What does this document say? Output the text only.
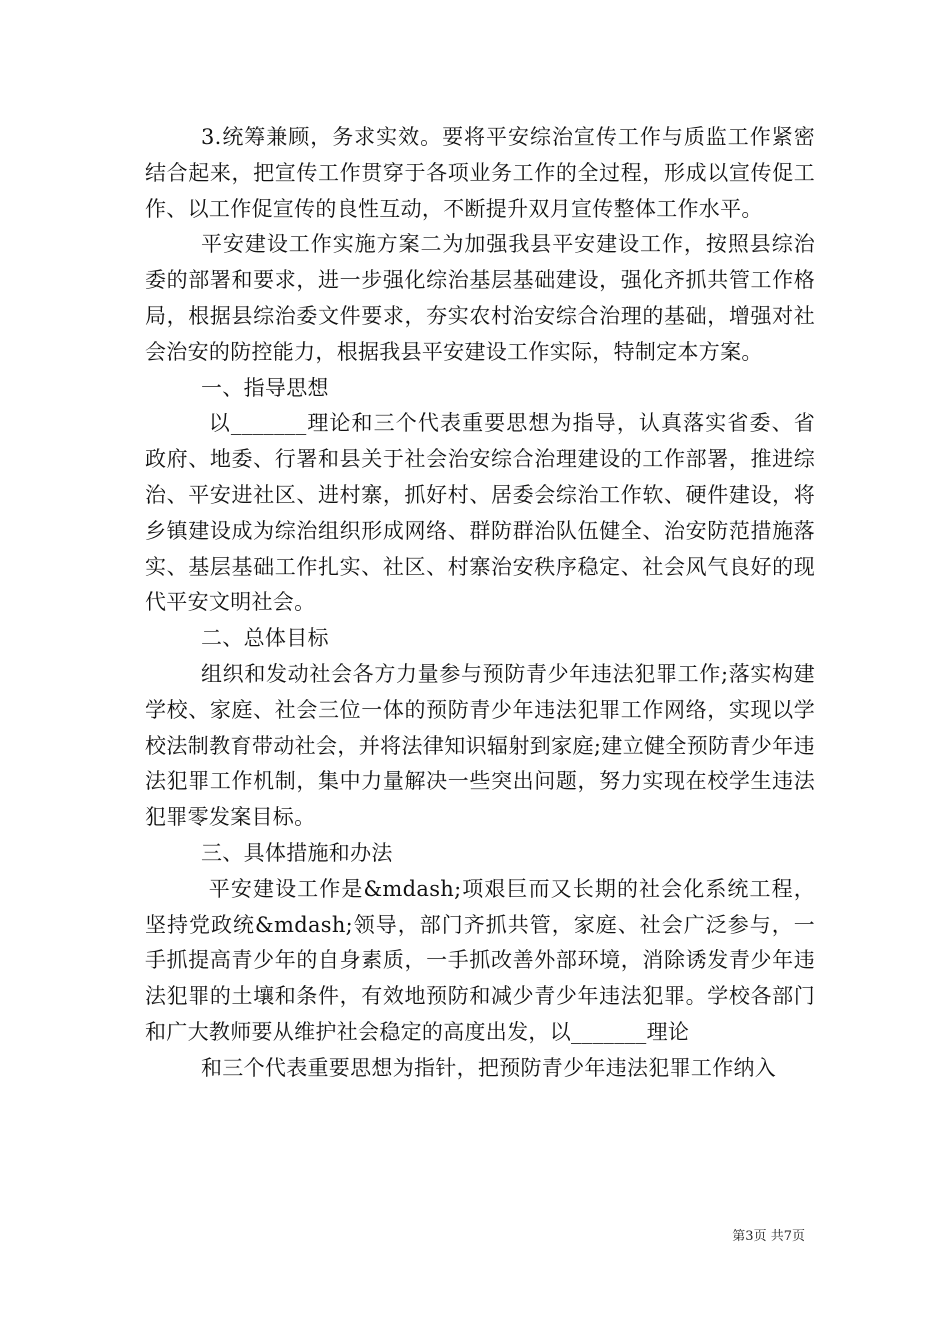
3.统筹兼顾，务求实效。要将平安综治宣传工作与质监工作紧密结合起来，把宣传工作贯穿于各项业务工作的全过程，形成以宣传促工作、以工作促宣传的良性互动，不断提升双月宣传整体工作水平。

平安建设工作实施方案二为加强我县平安建设工作，按照县综治委的部署和要求，进一步强化综治基层基础建设，强化齐抓共管工作格局，根据县综治委文件要求，夯实农村治安综合治理的基础，增强对社会治安的防控能力，根据我县平安建设工作实际，特制定本方案。

一、指导思想

以_______理论和三个代表重要思想为指导，认真落实省委、省政府、地委、行署和县关于社会治安综合治理建设的工作部署，推进综治、平安进社区、进村寨，抓好村、居委会综治工作软、硬件建设，将乡镇建设成为综治组织形成网络、群防群治队伍健全、治安防范措施落实、基层基础工作扎实、社区、村寨治安秩序稳定、社会风气良好的现代平安文明社会。

二、总体目标

组织和发动社会各方力量参与预防青少年违法犯罪工作;落实构建学校、家庭、社会三位一体的预防青少年违法犯罪工作网络，实现以学校法制教育带动社会，并将法律知识辐射到家庭;建立健全预防青少年违法犯罪工作机制，集中力量解决一些突出问题，努力实现在校学生违法犯罪零发案目标。

三、具体措施和办法

平安建设工作是&mdash;项艰巨而又长期的社会化系统工程，坚持党政统&mdash;领导，部门齐抓共管，家庭、社会广泛参与，一手抓提高青少年的自身素质，一手抓改善外部环境，消除诱发青少年违法犯罪的土壤和条件，有效地预防和减少青少年违法犯罪。学校各部门和广大教师要从维护社会稳定的高度出发，以_______理论

和三个代表重要思想为指针，把预防青少年违法犯罪工作纳入

第3页 共7页
